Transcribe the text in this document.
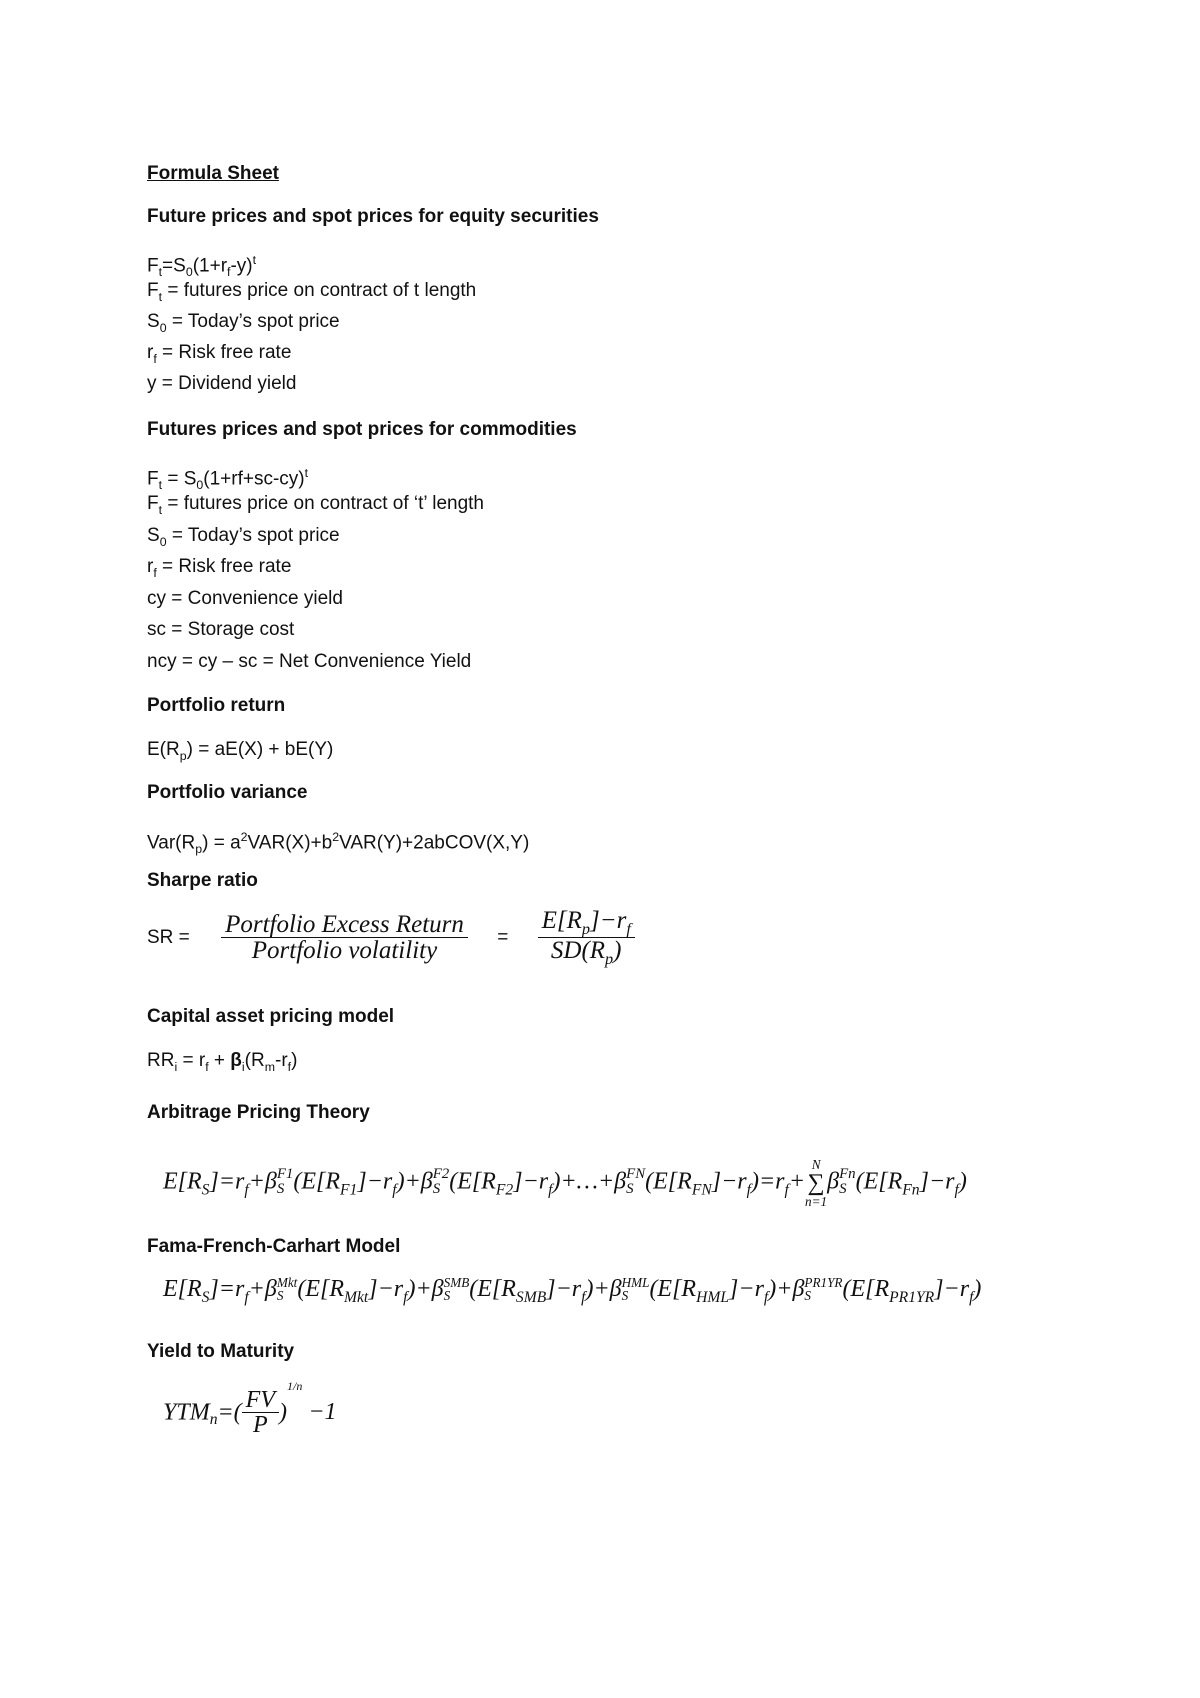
Formula Sheet
Future prices and spot prices for equity securities
$F_t=S_0(1+r_f-y)^t$
$F_t$ = futures price on contract of t length
$S_0$ = Today’s spot price
$r_f$ = Risk free rate
y = Dividend yield
Futures prices and spot prices for commodities
$F_t = S_0(1+rf+sc-cy)^t$
$F_t$ = futures price on contract of ‘t’ length
$S_0$ = Today’s spot price
$r_f$ = Risk free rate
cy = Convenience yield
sc = Storage cost
ncy = cy – sc = Net Convenience Yield
Portfolio return
$E(R_p) = aE(X) + bE(Y)$
Portfolio variance
$Var(R_p)$ = $a^2VAR(X)+b^2VAR(Y)+2abCOV(X,Y)$
Sharpe ratio
SR = $\frac{\text{Portfolio Excess Return}}{\text{Portfolio volatility}} = \frac{E[R_p]-r_f}{SD(R_p)}$
Capital asset pricing model
$RR_i = r_f + \beta_i(R_m-r_f)$
Arbitrage Pricing Theory
$E[R_S]=r_f+\beta$ F1
S $(E[R_{F1}]-r_f)+\beta$ F2
S $(E[R_{F2}]-r_f)+\dots+\beta$ FN
S $(E[R_{FN}]-r_f)=r_f+$
N
∑
n=1
β Fn
S $(E[R_{Fn}]-r_f)$
Fama-French-Carhart Model
$E[R_S]=r_f+\beta$ Mkt
S $(E[R_{Mkt}]-r_f)+\beta$ SMB
S $(E[R_{SMB}]-r_f)+\beta$ HML
S $(E[R_{HML}]-r_f)+\beta$ PR1YR
S	$(E[R_{PR1YR}]-r_f)$
Yield to Maturity
$YTM_n=( \frac{FV}{P} )^{1/n}-1$
